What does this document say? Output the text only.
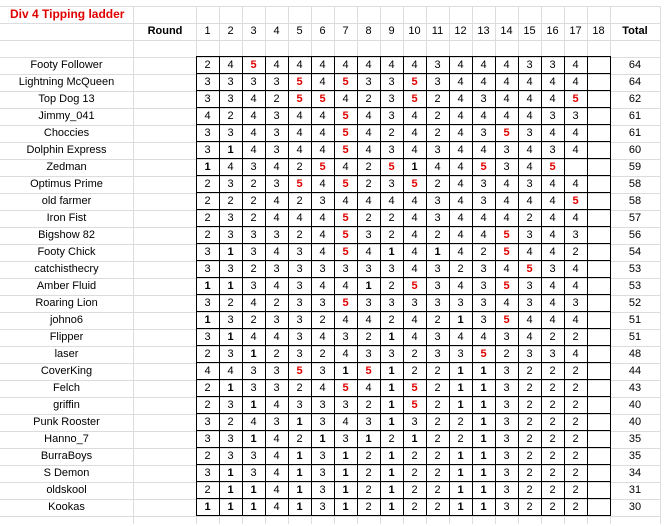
Div 4 Tipping ladder
Round	1	2	3	4	5	6	7	8	9	10	11	12 13 14 15 16 17 18	Total
Footy Follower	2	4	5	4	4	4	4	4	4	4	3	4	4	4	3	3	4	64
Lightning McQueen	3	3	3	3	5	4	5	3	3	5	3	4	4	4	4	4	4	64
Top Dog 13	3	3	4	2	5	5	4	2	3	5	2	4	3	4	4	4	5	62
Jimmy_041	4	2	4	3	4	4	5	4	3	4	2	4	4	4	4	3	3	61
Choccies	3	3	4	3	4	4	5	4	2	4	2	4	3	5	3	4	4	61
Dolphin Express	3	1	4	3	4	4	5	4	3	4	3	4	4	3	4	3	4	60
Zedman	1	4	3	4	2	5	4	2	5	1	4	4	5	3	4	5	59
Optimus Prime	2	3	2	3	5	4	5	2	3	5	2	4	3	4	3	4	4	58
old farmer	2	2	2	4	2	3	4	4	4	4	3	4	3	4	4	4	5	58
Iron Fist	2	3	2	4	4	4	5	2	2	4	3	4	4	4	2	4	4	57
Bigshow 82	2	3	3	3	2	4	5	3	2	4	2	4	4	5	3	4	3	56
Footy Chick	3	1	3	4	3	4	5	4	1	4	1	4	2	5	4	4	2	54
catchisthecry	3	3	2	3	3	3	3	3	3	4	3	2	3	4	5	3	4	53
Amber Fluid	1	1	3	4	3	4	4	1	2	5	3	4	3	5	3	4	4	53
Roaring Lion	3	2	4	2	3	3	5	3	3	3	3	3	3	4	3	4	3	52
johno6	1	3	2	3	3	2	4	4	2	4	2	1	3	5	4	4	4	51
Flipper	3	1	4	4	3	4	3	2	1	4	3	4	4	3	4	2	2	51
laser	2	3	1	2	3	2	4	3	3	2	3	3	5	2	3	3	4	48
CoverKing	4	4	3	3	5	3	1	5	1	2	2	1	1	3	2	2	2	44
Felch	2	1	3	3	2	4	5	4	1	5	2	1	1	3	2	2	2	43
griffin	2	3	1	4	3	3	3	2	1	5	2	1	1	3	2	2	2	40
Punk Rooster	3	2	4	3	1	3	4	3	1	3	2	2	1	3	2	2	2	40
Hanno_7	3	3	1	4	2	1	3	1	2	1	2	2	1	3	2	2	2	35
BurraBoys	2	3	3	4	1	3	1	2	1	2	2	1	1	3	2	2	2	35
S Demon	3	1	3	4	1	3	1	2	1	2	2	1	1	3	2	2	2	34
oldskool	2	1	1	4	1	3	1	2	1	2	2	1	1	3	2	2	2	31
Kookas	1	1	1	4	1	3	1	2	1	2	2	1	1	3	2	2	2	30
